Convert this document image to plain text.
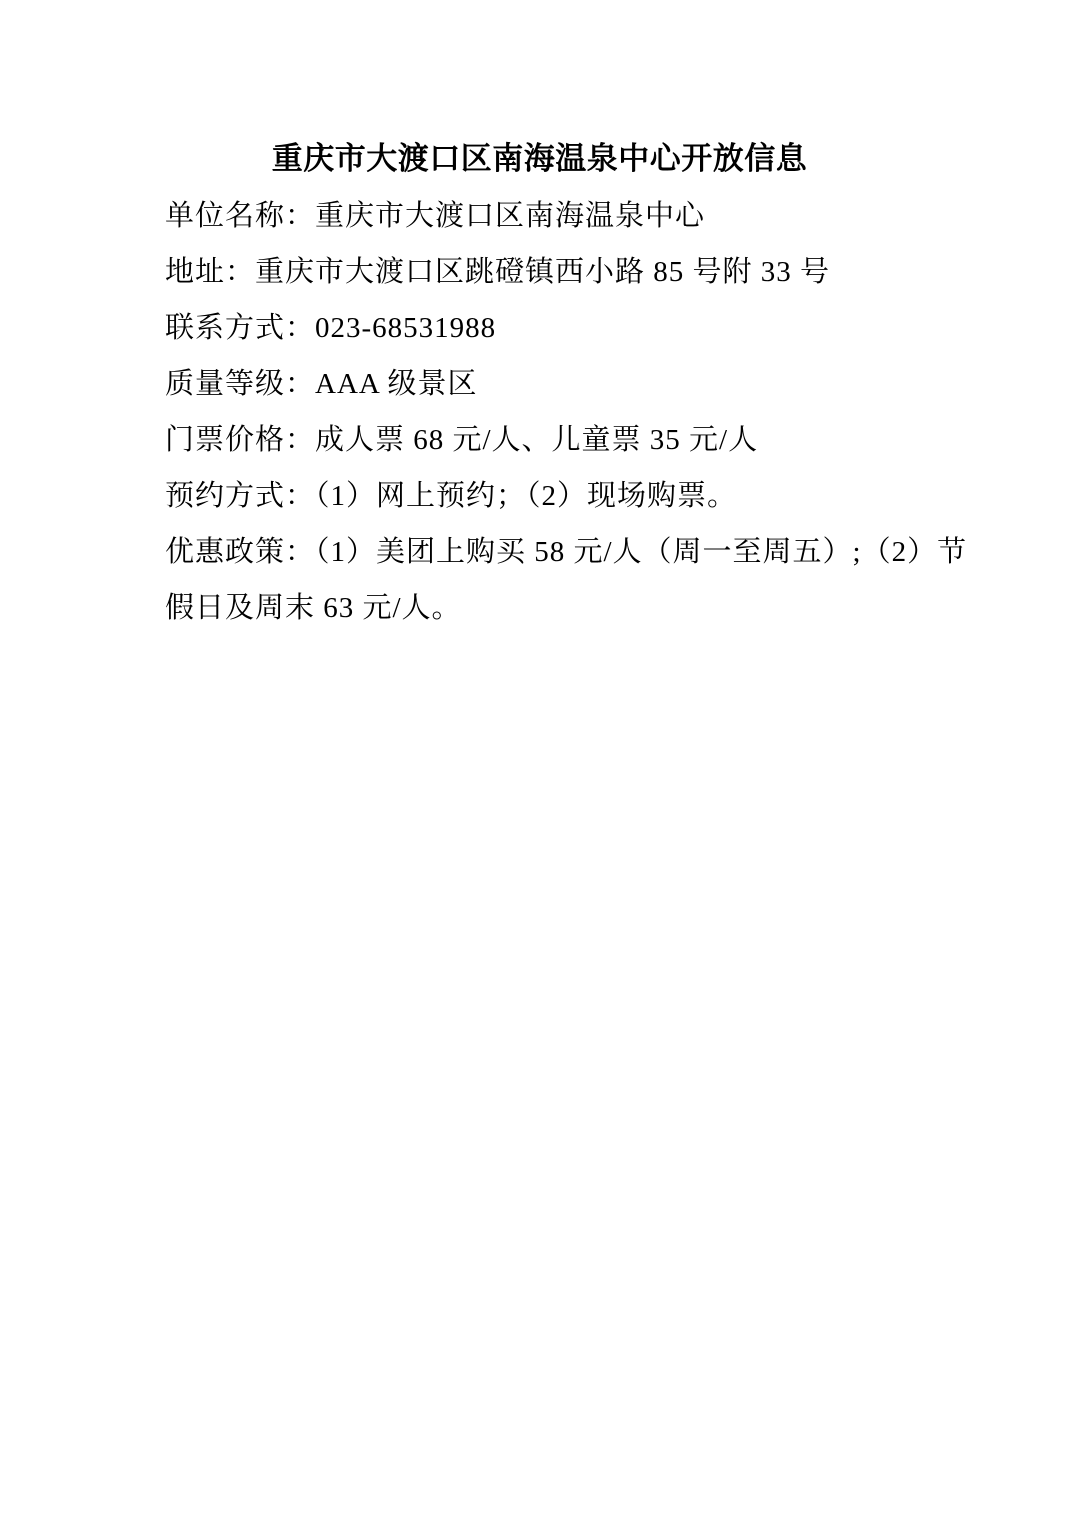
重庆市大渡口区南海温泉中心开放信息
单位名称：重庆市大渡口区南海温泉中心
地址：重庆市大渡口区跳磴镇西小路 85 号附 33 号
联系方式：023-68531988
质量等级：AAA 级景区
门票价格：成人票 68 元/人、儿童票 35 元/人
预约方式：（1）网上预约；（2）现场购票。
优惠政策：（1）美团上购买 58 元/人（周一至周五）;（2）节
假日及周末 63 元/人。
